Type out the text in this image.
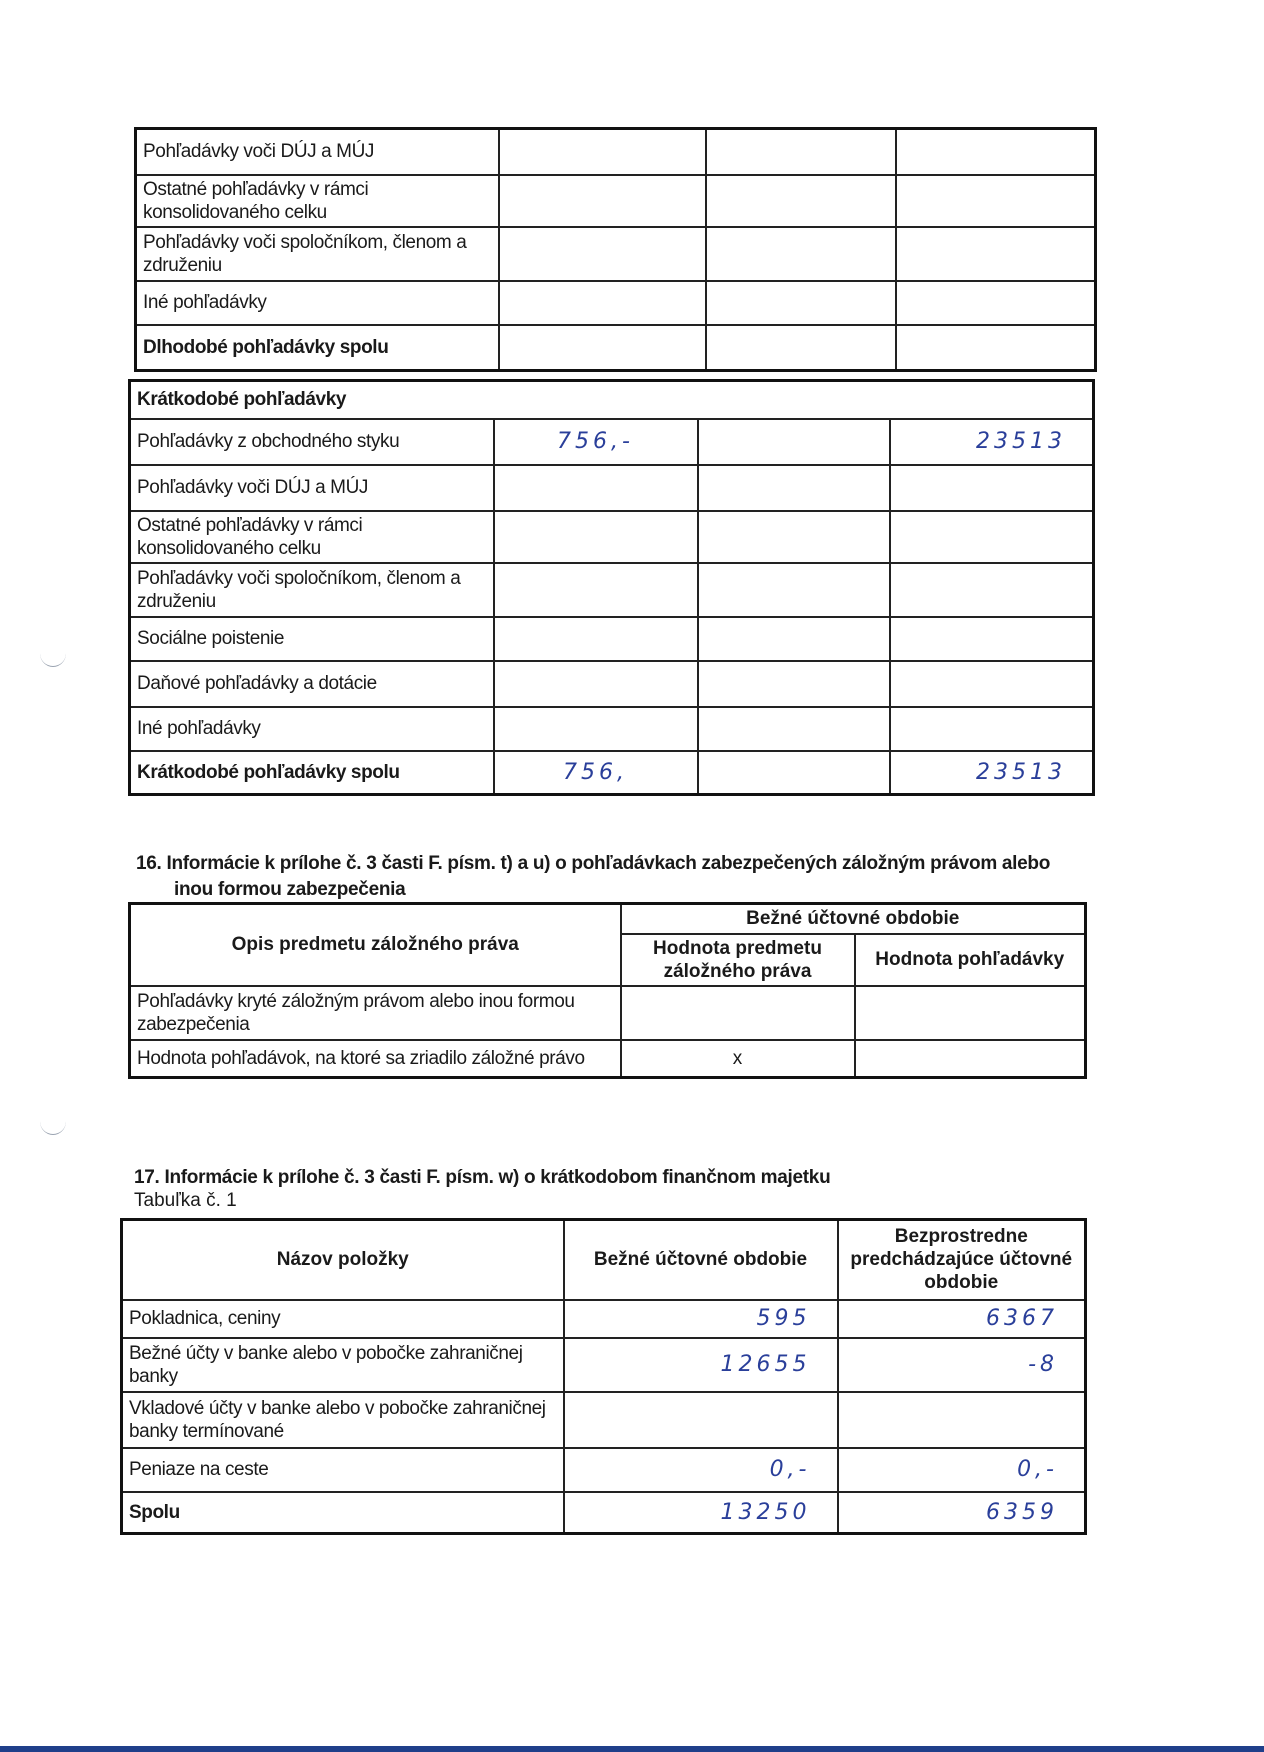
Pohľadávky voči DÚJ a MÚJ			
Ostatné pohľadávky v rámci konsolidovaného celku			
Pohľadávky voči spoločníkom, členom a združeniu			
Iné pohľadávky			
Dlhodobé pohľadávky spolu			
Krátkodobé pohľadávky			
Pohľadávky z obchodného styku	756,-		23513
Pohľadávky voči DÚJ a MÚJ			
Ostatné pohľadávky v rámci konsolidovaného celku			
Pohľadávky voči spoločníkom, členom a združeniu			
Sociálne poistenie			
Daňové pohľadávky a dotácie			
Iné pohľadávky			
Krátkodobé pohľadávky spolu	756,		23513
16. Informácie k prílohe č. 3 časti F. písm. t) a u) o pohľadávkach zabezpečených záložným právom alebo
inou formou zabezpečenia
Opis predmetu záložného práva	Bežné účtovné obdobie	
	Hodnota predmetu záložného práva	Hodnota pohľadávky
Pohľadávky kryté záložným právom alebo inou formou zabezpečenia		
Hodnota pohľadávok, na ktoré sa zriadilo záložné právo	x	
17. Informácie k prílohe č. 3 časti F. písm. w) o krátkodobom finančnom majetku
Tabuľka č. 1
Názov položky	Bežné účtovné obdobie	Bezprostredne predchádzajúce účtovné obdobie
Pokladnica, ceniny	595	6367
Bežné účty v banke alebo v pobočke zahraničnej banky	12655	-8
Vkladové účty v banke alebo v pobočke zahraničnej banky termínované		
Peniaze na ceste	0,-	0,-
Spolu	13250	6359
